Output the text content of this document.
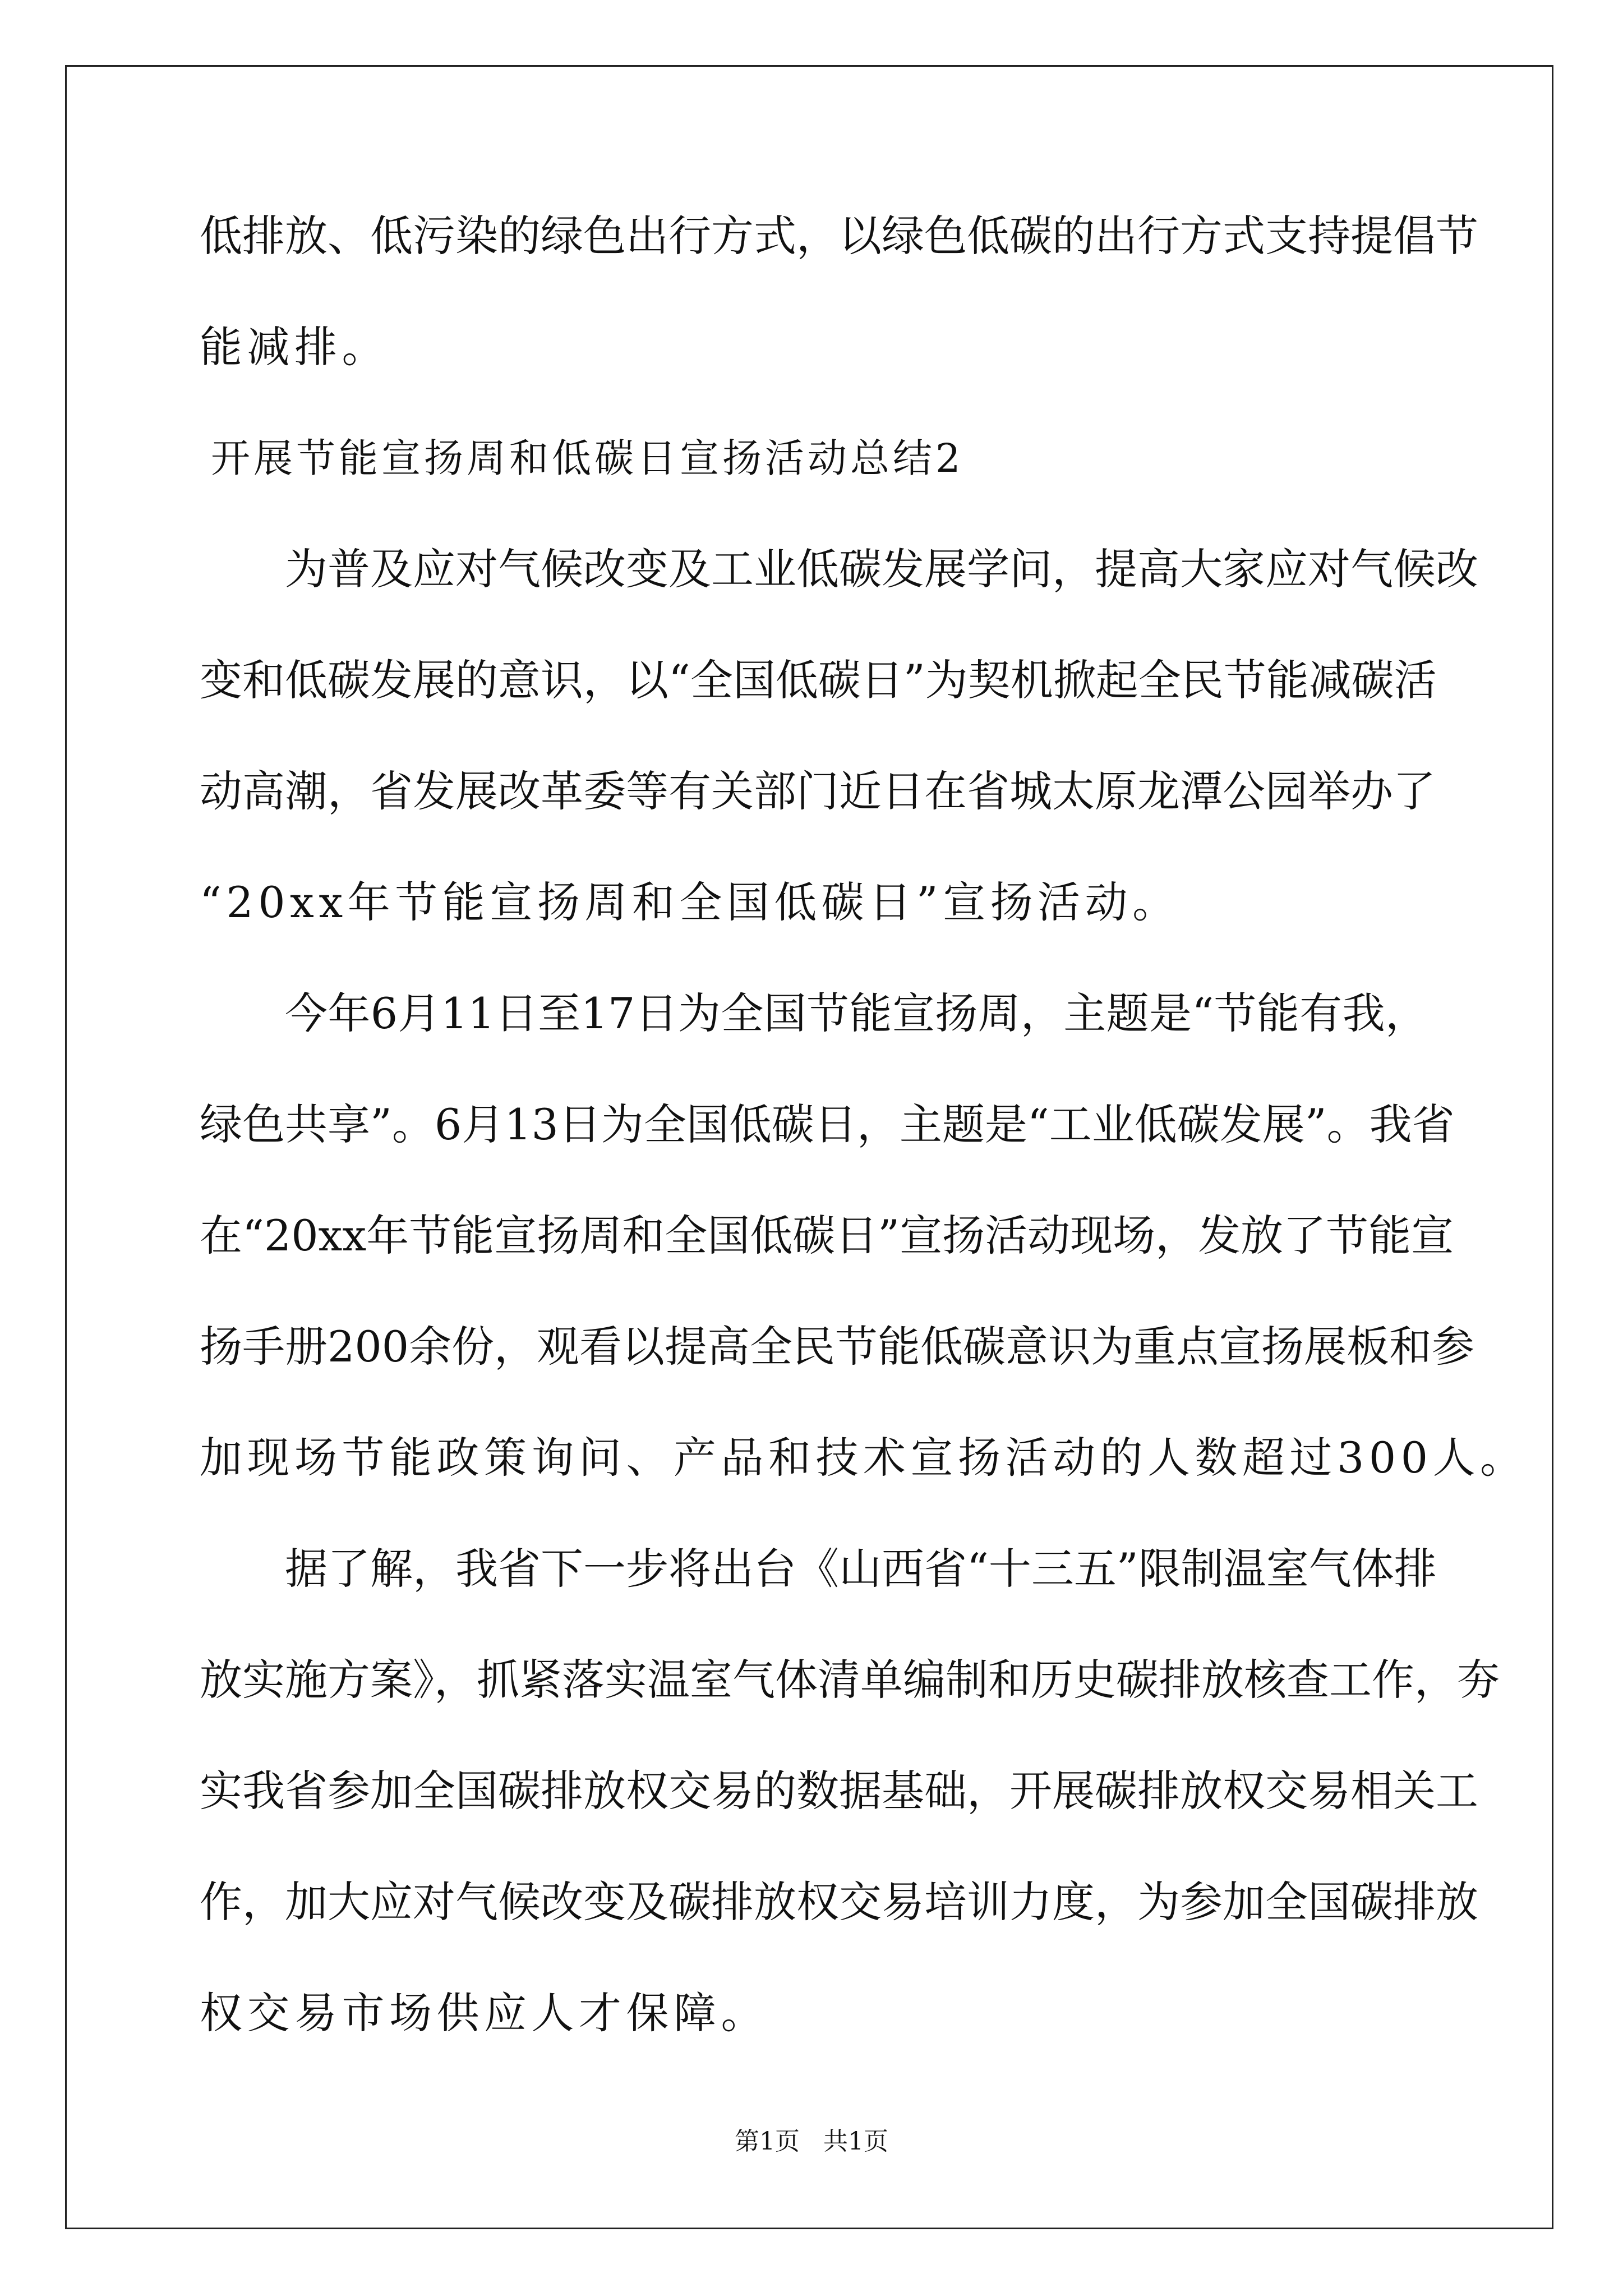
低排放、低污染的绿色出行方式，以绿色低碳的出行方式支持提倡节
能减排。
开展节能宣扬周和低碳日宣扬活动总结2
为普及应对气候改变及工业低碳发展学问，提高大家应对气候改
变和低碳发展的意识，以“全国低碳日”为契机掀起全民节能减碳活
动高潮，省发展改革委等有关部门近日在省城太原龙潭公园举办了
“20xx年节能宣扬周和全国低碳日”宣扬活动。
今年6月11日至17日为全国节能宣扬周，主题是“节能有我，
绿色共享”。6月13日为全国低碳日，主题是“工业低碳发展”。我省
在“20xx年节能宣扬周和全国低碳日”宣扬活动现场，发放了节能宣
扬手册200余份，观看以提高全民节能低碳意识为重点宣扬展板和参
加现场节能政策询问、产品和技术宣扬活动的人数超过300人。
据了解，我省下一步将出台《山西省“十三五”限制温室气体排
放实施方案》，抓紧落实温室气体清单编制和历史碳排放核查工作，夯
实我省参加全国碳排放权交易的数据基础，开展碳排放权交易相关工
作，加大应对气候改变及碳排放权交易培训力度，为参加全国碳排放
权交易市场供应人才保障。
第1页   共1页
